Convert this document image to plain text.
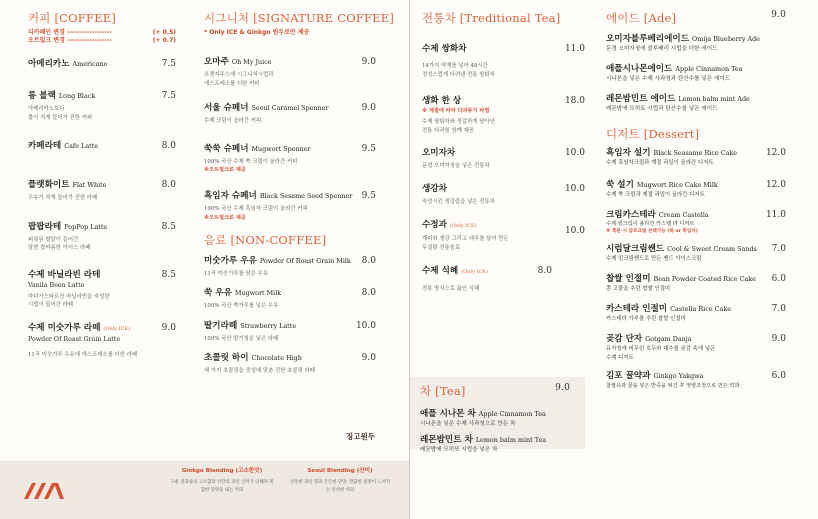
커피 [COFFEE]
디카페인 변경 ------------------	(+ 0.5)
오트밀크 변경 ------------------	(+ 0.7)
아메리카노 Americano	7.5
롱 블랙 Long Black	7.5
아메리카노보다
물이 적게 들어가 진한 커피
카페라테 Cafe Latte	8.0
플랫화이트 Flat White	8.0
우유가 적게 들어가 진한 라떼
팝팝라테 PopPop Latte	8.5
퍼핑된 쌀알이 들어간
달콤 쌉싸름한 아이스 라떼
수제 바닐라빈 라테	8.5
Vanila Been Latte
마다가스타르산 바닐라빈을 숙성한
시럽이 들어간 라떼
수제 미숫가루 라떼 (Only ICE)	9.0
Powder Of Roast Grain Latte
11곡 미숫가루 우유에 에스프레소를 더한 라떼
시그니처 [SIGNATURE COFFEE]
* Only ICE & Ginkgo 원두로만 제공
오마주 Oh My Juice	9.0
오렌지주스에 시그니처시럽과
에스프레소를 더한 커피
서울 슈페너 Seoul Caramel Spenner	9.0
수제 크림이 올라간 커피
쑥쑥 슈페너 Mugwort Spenner	9.5
100% 국산 수제 쑥 크림이 올라간 커피
※오트밀크로 제공
흑임자 슈페너 Black Sesame Seed Spenner	9.5
100% 국산 수제 흑임자 크림이 올라간 커피
※오트밀크로 제공
음료 [NON-COFFEE]
미숫가루 우유 Powder Of Roast Grain Milk	8.0
11곡 미숫가루를 담은 우유
쑥 우유 Mugwort Milk	8.0
100% 국산 쑥가루를 넣은 우유
딸기라떼 Strawberry Latte	10.0
100% 국산 딸기청을 넣은 라떼
초콜릿 하이 Chocolate High	9.0
세 가지 초콜릿을 중성에 맞춘 진한 초콜릿 라떼
징고원두
Ginkgo Blending (고소한맛)
구운 견과류의 고소함과 약간의 과일 산미가 더해져 복합한 단맛을 내는 커피
Seoul Blending (산미)
산뜻한 과일 향과 은은한 단맛, 깔끔한 뒷맛이 느껴지는 신선한 커피
전통차 [Treditional Tea]
수제 쌍화차	11.0
14가지 약재를 넣어 48시간
정성스럽게 다려낸 전통 쌍화차
생화 한 상	18.0
※ 계절에 따라 다과류가 바뀜
수제 쌍화차와 정갈하게 담아낸
전통 다과를 함께 제공
오미자차	10.0
문경 오미자청을 넣은 전통차
생강차	10.0
숙성시킨 생강즙을 넣은 전통차
수정과 (Only ICE)	10.0
계피와 생강 그리고 대추를 달여 만든
무설탕 전통음료
수제 식혜 (Only ICE)	8.0
전통 방식으로 끓인 식혜
차 [Tea]	9.0
애플 시나몬 차 Apple Cinnamon Tea
시나몬을 넣은 수제 사과청으로 만든 차
레몬밤민트 차 Lemon balm mint Tea
레몬밤에 모히또 시럽을 넣은 차
에이드 [Ade]	9.0
오미자블루베리에이드 Omija Blueberry Ade
문경 오미자청에 블루베리 시럽을 더한 에이드
애플시나몬에이드 Apple Cinnamon Tea
시나몬을 넣은 수제 사과청과 탄산수를 넣은 에이드
레몬밤민트 에이드 Lemon balm mint Ade
레몬밤에 모히토 시럽과 탄산수를 넣은 에이드
디저트 [Dessert]
흑임자 설기 Black Seasame Rice Cake	12.0
수제 흑임자크림과 계절 과일이 올라간 디저트
쑥 설기 Mugwort Rice Cake Milk	12.0
수제 쑥 크림과 계절 과일이 올라간 디저트
크림카스테라 Cream Castella	11.0
수제 킹크림이 올라간 카스텔 라 디저트
※ 흑문 시 갈프크림 선택가능 (쑥 or 흑임자)
시럼달크림쌘드 Cool & Sweet Cream Sands	7.0
수제 킹크림쌘드로 만든 쌘드 아이스크림
찹쌀 인절미 Bean Powder Coated Rice Cake	6.0
쫑 고물을 추린 찹쌀 인절미
카스테라 인절미 Castella Rice Cake	7.0
카스테라 가루를 추린 찹쌀 인절미
곶감 단자 Gotgam Danja	9.0
유자청에 버무린 호두와 대추를 곶감 속에 넣은
수제 디저트
김포 꿀약과 Ginkgo Yakgwa	6.0
찹쌀유과 꿀을 넣은 반죽을 튀긴 후 엿병조청으로 만든 약과
